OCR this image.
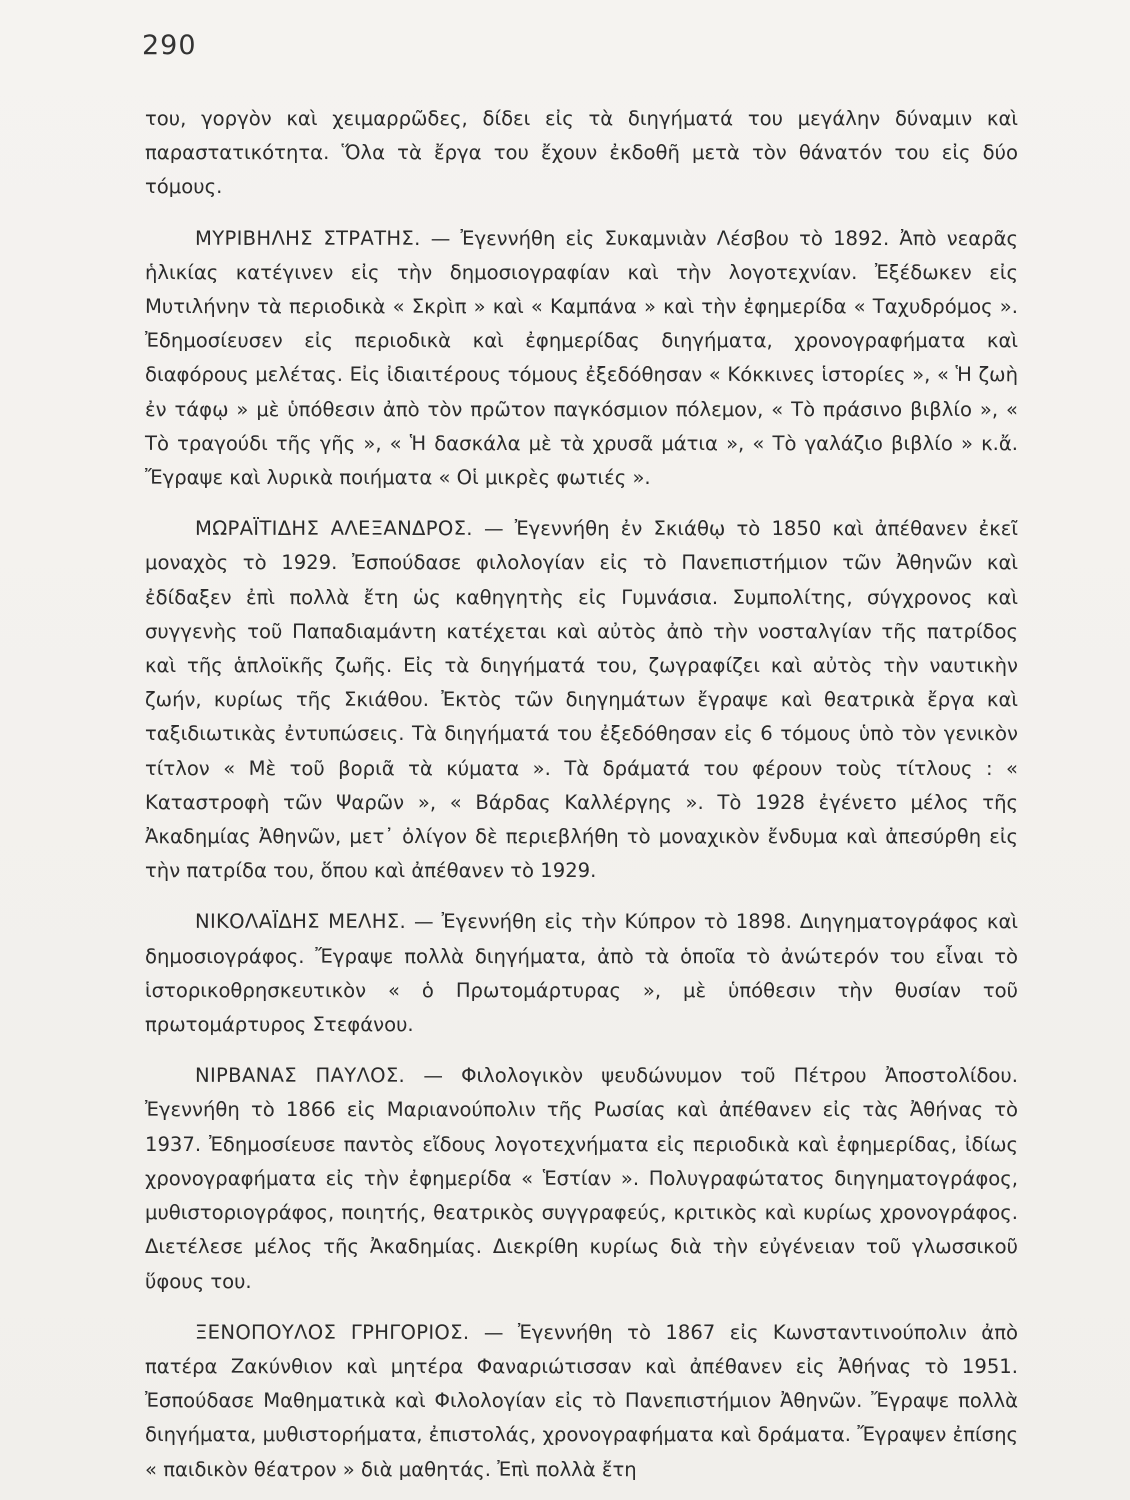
290

του, γοργὸν καὶ χειμαρρῶδες, δίδει εἰς τὰ διηγήματά του μεγάλην δύναμιν καὶ παραστατικότητα. Ὅλα τὰ ἔργα του ἔχουν ἐκδοθῆ μετὰ τὸν θάνατόν του εἰς δύο τόμους.

ΜΥΡΙΒΗΛΗΣ ΣΤΡΑΤΗΣ. — Ἐγεννήθη εἰς Συκαμνιὰν Λέσβου τὸ 1892. Ἀπὸ νεαρᾶς ἡλικίας κατέγινεν εἰς τὴν δημοσιογραφίαν καὶ τὴν λογοτεχνίαν. Ἐξέδωκεν εἰς Μυτιλήνην τὰ περιοδικὰ « Σκρὶπ » καὶ « Καμπάνα » καὶ τὴν ἐφημερίδα « Ταχυδρόμος ». Ἐδημοσίευσεν εἰς περιοδικὰ καὶ ἐφημερίδας διηγήματα, χρονογραφήματα καὶ διαφόρους μελέτας. Εἰς ἰδιαιτέρους τόμους ἐξεδόθησαν « Κόκκινες ἱστορίες », « Ἡ ζωὴ ἐν τάφῳ » μὲ ὑπόθεσιν ἀπὸ τὸν πρῶτον παγκόσμιον πόλεμον, « Τὸ πράσινο βιβλίο », « Τὸ τραγούδι τῆς γῆς », « Ἡ δασκάλα μὲ τὰ χρυσᾶ μάτια », « Τὸ γαλάζιο βιβλίο » κ.ἄ. Ἔγραψε καὶ λυρικὰ ποιήματα « Οἱ μικρὲς φωτιές ».

ΜΩΡΑΪΤΙΔΗΣ ΑΛΕΞΑΝΔΡΟΣ. — Ἐγεννήθη ἐν Σκιάθῳ τὸ 1850 καὶ ἀπέθανεν ἐκεῖ μοναχὸς τὸ 1929. Ἐσπούδασε φιλολογίαν εἰς τὸ Πανεπιστήμιον τῶν Ἀθηνῶν καὶ ἐδίδαξεν ἐπὶ πολλὰ ἔτη ὡς καθηγητὴς εἰς Γυμνάσια. Συμπολίτης, σύγχρονος καὶ συγγενὴς τοῦ Παπαδιαμάντη κατέχεται καὶ αὐτὸς ἀπὸ τὴν νοσταλγίαν τῆς πατρίδος καὶ τῆς ἁπλοϊκῆς ζωῆς. Εἰς τὰ διηγήματά του, ζωγραφίζει καὶ αὐτὸς τὴν ναυτικὴν ζωήν, κυρίως τῆς Σκιάθου. Ἐκτὸς τῶν διηγημάτων ἔγραψε καὶ θεατρικὰ ἔργα καὶ ταξιδιωτικὰς ἐντυπώσεις. Τὰ διηγήματά του ἐξεδόθησαν εἰς 6 τόμους ὑπὸ τὸν γενικὸν τίτλον « Μὲ τοῦ βοριᾶ τὰ κύματα ». Τὰ δράματά του φέρουν τοὺς τίτλους : « Καταστροφὴ τῶν Ψαρῶν », « Βάρδας Καλλέργης ». Τὸ 1928 ἐγένετο μέλος τῆς Ἀκαδημίας Ἀθηνῶν, μετ᾽ ὀλίγον δὲ περιεβλήθη τὸ μοναχικὸν ἔνδυμα καὶ ἀπεσύρθη εἰς τὴν πατρίδα του, ὅπου καὶ ἀπέθανεν τὸ 1929.

ΝΙΚΟΛΑΪΔΗΣ ΜΕΛΗΣ. — Ἐγεννήθη εἰς τὴν Κύπρον τὸ 1898. Διηγηματογράφος καὶ δημοσιογράφος. Ἔγραψε πολλὰ διηγήματα, ἀπὸ τὰ ὁποῖα τὸ ἀνώτερόν του εἶναι τὸ ἱστορικοθρησκευτικὸν « ὁ Πρωτομάρτυρας », μὲ ὑπόθεσιν τὴν θυσίαν τοῦ πρωτομάρτυρος Στεφάνου.

ΝΙΡΒΑΝΑΣ ΠΑΥΛΟΣ. — Φιλολογικὸν ψευδώνυμον τοῦ Πέτρου Ἀποστολίδου. Ἐγεννήθη τὸ 1866 εἰς Μαριανούπολιν τῆς Ρωσίας καὶ ἀπέθανεν εἰς τὰς Ἀθήνας τὸ 1937. Ἐδημοσίευσε παντὸς εἴδους λογοτεχνήματα εἰς περιοδικὰ καὶ ἐφημερίδας, ἰδίως χρονογραφήματα εἰς τὴν ἐφημερίδα « Ἑστίαν ». Πολυγραφώτατος διηγηματογράφος, μυθιστοριογράφος, ποιητής, θεατρικὸς συγγραφεύς, κριτικὸς καὶ κυρίως χρονογράφος. Διετέλεσε μέλος τῆς Ἀκαδημίας. Διεκρίθη κυρίως διὰ τὴν εὐγένειαν τοῦ γλωσσικοῦ ὕφους του.

ΞΕΝΟΠΟΥΛΟΣ ΓΡΗΓΟΡΙΟΣ. — Ἐγεννήθη τὸ 1867 εἰς Κωνσταντινούπολιν ἀπὸ πατέρα Ζακύνθιον καὶ μητέρα Φαναριώτισσαν καὶ ἀπέθανεν εἰς Ἀθήνας τὸ 1951. Ἐσπούδασε Μαθηματικὰ καὶ Φιλολογίαν εἰς τὸ Πανεπιστήμιον Ἀθηνῶν. Ἔγραψε πολλὰ διηγήματα, μυθιστορήματα, ἐπιστολάς, χρονογραφήματα καὶ δράματα. Ἔγραψεν ἐπίσης « παιδικὸν θέατρον » διὰ μαθητάς. Ἐπὶ πολλὰ ἔτη
